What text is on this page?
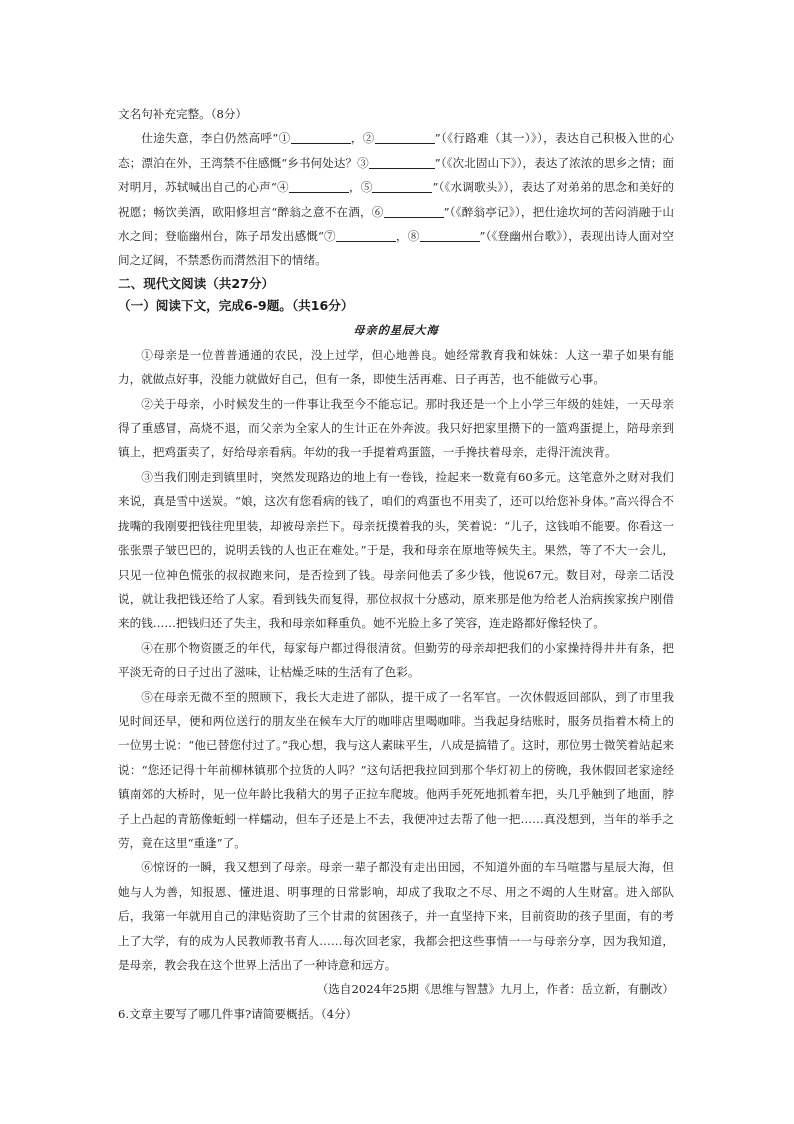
文名句补充完整。（8分）

仕途失意，李白仍然高呼“①	，②	”（《行路难（其一）》），表达自己积极入世的心态；漂泊在外，王湾禁不住感慨“乡书何处达？③	”（《次北固山下》），表达了浓浓的思乡之情；面对明月，苏轼喊出自己的心声“④	，⑤	”（《水调歌头》），表达了对弟弟的思念和美好的祝愿；畅饮美酒，欧阳修坦言“醉翁之意不在酒，⑥	”（《醉翁亭记》），把仕途坎坷的苦闷消融于山水之间；登临幽州台，陈子昂发出感慨“⑦	，⑧	”（《登幽州台歌》），表现出诗人面对空间之辽阔，不禁悉伤而潸然泪下的情绪。

二、现代文阅读（共27分）

（一）阅读下文，完成6-9题。（共16分）

母亲的星辰大海

①母亲是一位普普通通的农民，没上过学，但心地善良。她经常教育我和妹妹：人这一辈子如果有能力，就做点好事，没能力就做好自己，但有一条，即使生活再难、日子再苦，也不能做亏心事。

②关于母亲，小时候发生的一件事让我至今不能忘记。那时我还是一个上小学三年级的娃娃，一天母亲得了重感冒，高烧不退，而父亲为全家人的生计正在外奔波。我只好把家里攒下的一篮鸡蛋提上，陪母亲到镇上，把鸡蛋卖了，好给母亲看病。年幼的我一手提着鸡蛋篮，一手搀扶着母亲，走得汗流浃背。

③当我们刚走到镇里时，突然发现路边的地上有一卷钱，捡起来一数竟有60多元。这笔意外之财对我们来说，真是雪中送炭。“娘，这次有您看病的钱了，咱们的鸡蛋也不用卖了，还可以给您补身体。”高兴得合不拢嘴的我刚要把钱往兜里装，却被母亲拦下。母亲抚摸着我的头，笑着说：“儿子，这钱咱不能要。你看这一张张票子皱巴巴的，说明丢钱的人也正在难处。”于是，我和母亲在原地等候失主。果然，等了不大一会儿，只见一位神色慌张的叔叔跑来问，是否捡到了钱。母亲问他丢了多少钱，他说67元。数目对，母亲二话没说，就让我把钱还给了人家。看到钱失而复得，那位叔叔十分感动，原来那是他为给老人治病挨家挨户刚借来的钱……把钱归还了失主，我和母亲如释重负。她不光脸上多了笑容，连走路都好像轻快了。

④在那个物资匮乏的年代，每家每户都过得很清贫。但勤劳的母亲却把我们的小家操持得井井有条，把平淡无奇的日子过出了滋味，让枯燥乏味的生活有了色彩。

⑤在母亲无微不至的照顾下，我长大走进了部队，提干成了一名军官。一次休假返回部队，到了市里我见时间还早，便和两位送行的朋友坐在候车大厅的咖啡店里喝咖啡。当我起身结账时，服务员指着木椅上的一位男士说：“他已替您付过了。”我心想，我与这人素昧平生，八成是搞错了。这时，那位男士微笑着站起来说：“您还记得十年前柳林镇那个拉货的人吗？”这句话把我拉回到那个华灯初上的傍晚，我休假回老家途经镇南郊的大桥时，见一位年龄比我稍大的男子正拉车爬坡。他两手死死地抓着车把，头几乎触到了地面，脖子上凸起的青筋像蚯蚓一样蠕动，但车子还是上不去，我便冲过去帮了他一把……真没想到，当年的举手之劳，竟在这里“重逢”了。

⑥惊讶的一瞬，我又想到了母亲。母亲一辈子都没有走出田园，不知道外面的车马喧嚣与星辰大海，但她与人为善，知报恩、懂进退、明事理的日常影响，却成了我取之不尽、用之不竭的人生财富。进入部队后，我第一年就用自己的津贴资助了三个甘肃的贫困孩子，并一直坚持下来，目前资助的孩子里面，有的考上了大学，有的成为人民教师教书育人……每次回老家，我都会把这些事情一一与母亲分享，因为我知道，是母亲，教会我在这个世界上活出了一种诗意和远方。

（选自2024年25期《思维与智慧》九月上，作者：岳立新，有删改）

6.文章主要写了哪几件事?请简要概括。（4分）
